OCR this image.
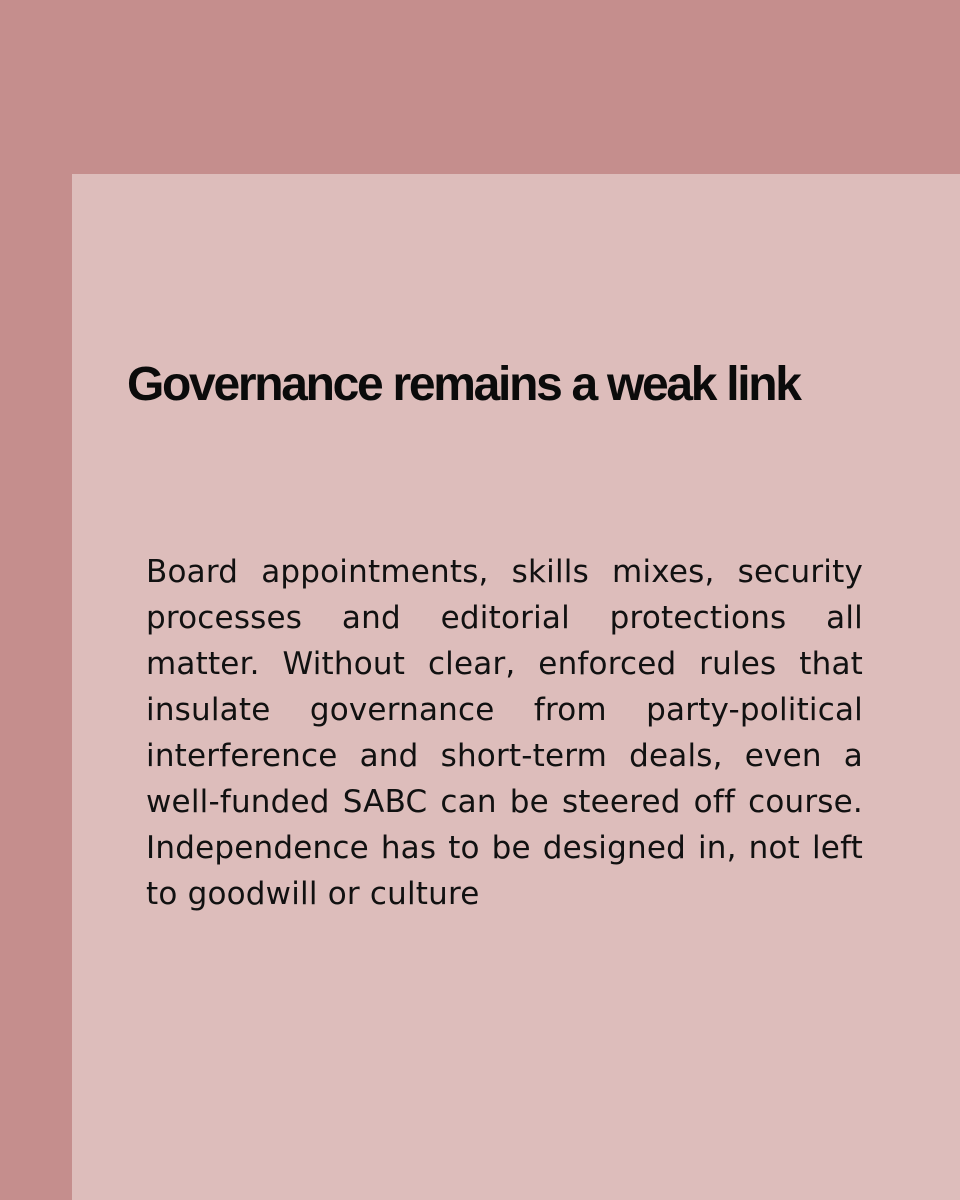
Governance remains a weak link

Board appointments, skills mixes, security processes and editorial protections all matter. Without clear, enforced rules that insulate governance from party-political interference and short-term deals, even a well-funded SABC can be steered off course. Independence has to be designed in, not left to goodwill or culture
